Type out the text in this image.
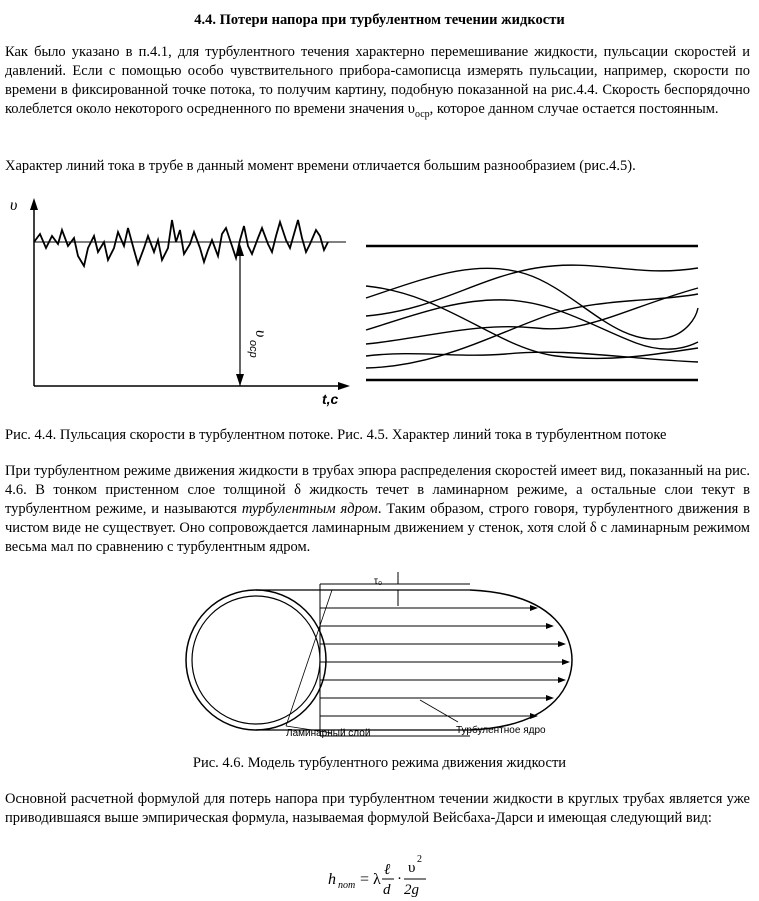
4.4. Потери напора при турбулентном течении жидкости

Как было указано в п.4.1, для турбулентного течения характерно перемешивание жидкости, пульсации скоростей и давлений. Если с помощью особо чувствительного прибора-самописца измерять пульсации, например, скорости по времени в фиксированной точке потока, то получим картину, подобную показанной на рис.4.4. Скорость беспорядочно колеблется около некоторого осредненного по времени значения $\upsilon_{оср}$, которое данном случае остается постоянным.

Характер линий тока в трубе в данный момент времени отличается большим разнообразием (рис.4.5).

υ
t,c
υ
ocp
Рис. 4.4. Пульсация скорости в турбулентном потоке. Рис. 4.5. Характер линий тока в турбулентном потоке

При турбулентном режиме движения жидкости в трубах эпюра распределения скоростей имеет вид, показанный на рис. 4.6. В тонком пристенном слое толщиной δ жидкость течет в ламинарном режиме, а остальные слои текут в турбулентном режиме, и называются турбулентным ядром. Таким образом, строго говоря, турбулентного движения в чистом виде не существует. Оно сопровождается ламинарным движением у стенок, хотя слой δ с ламинарным режимом весьма мал по сравнению с турбулентным ядром.

τ₀
Ламинарный слой	Турбулентное ядро
Рис. 4.6. Модель турбулентного режима движения жидкости

Основной расчетной формулой для потерь напора при турбулентном течении жидкости в круглых трубах является уже приводившаяся выше эмпирическая формула, называемая формулой Вейсбаха-Дарси и имеющая следующий вид:

h пот = λ
ℓ
d
·
υ
2
2g
